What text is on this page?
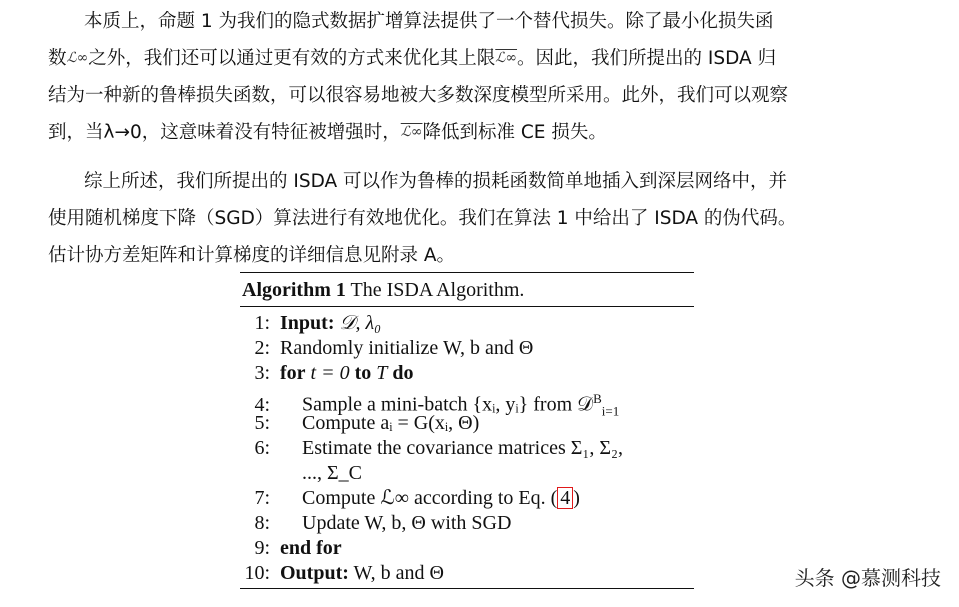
本质上，命题 1 为我们的隐式数据扩增算法提供了一个替代损失。除了最小化损失函
数ℒ∞之外，我们还可以通过更有效的方式来优化其上限ℒ∞。因此，我们所提出的 ISDA 归
结为一种新的鲁棒损失函数，可以很容易地被大多数深度模型所采用。此外，我们可以观察
到，当λ→0，这意味着没有特征被增强时，ℒ∞降低到标准 CE 损失。
综上所述，我们所提出的 ISDA 可以作为鲁棒的损耗函数简单地插入到深层网络中，并
使用随机梯度下降（SGD）算法进行有效地优化。我们在算法 1 中给出了 ISDA 的伪代码。
估计协方差矩阵和计算梯度的详细信息见附录 A。
Algorithm 1 The ISDA Algorithm.
1: Input: 𝒟, λ₀
2: Randomly initialize W, b and Θ
3: for t = 0 to T do
4: Sample a mini-batch {xᵢ, yᵢ} from 𝒟$^B_{i=1}$
5: Compute aᵢ = G(xᵢ, Θ)
6: Estimate the covariance matrices Σ₁, Σ₂,
..., Σ_C
7: Compute ℒ∞ according to Eq. ( 4 )
8: Update W, b, Θ with SGD
9: end for
10: Output: W, b and Θ	头条 @慕测科技
